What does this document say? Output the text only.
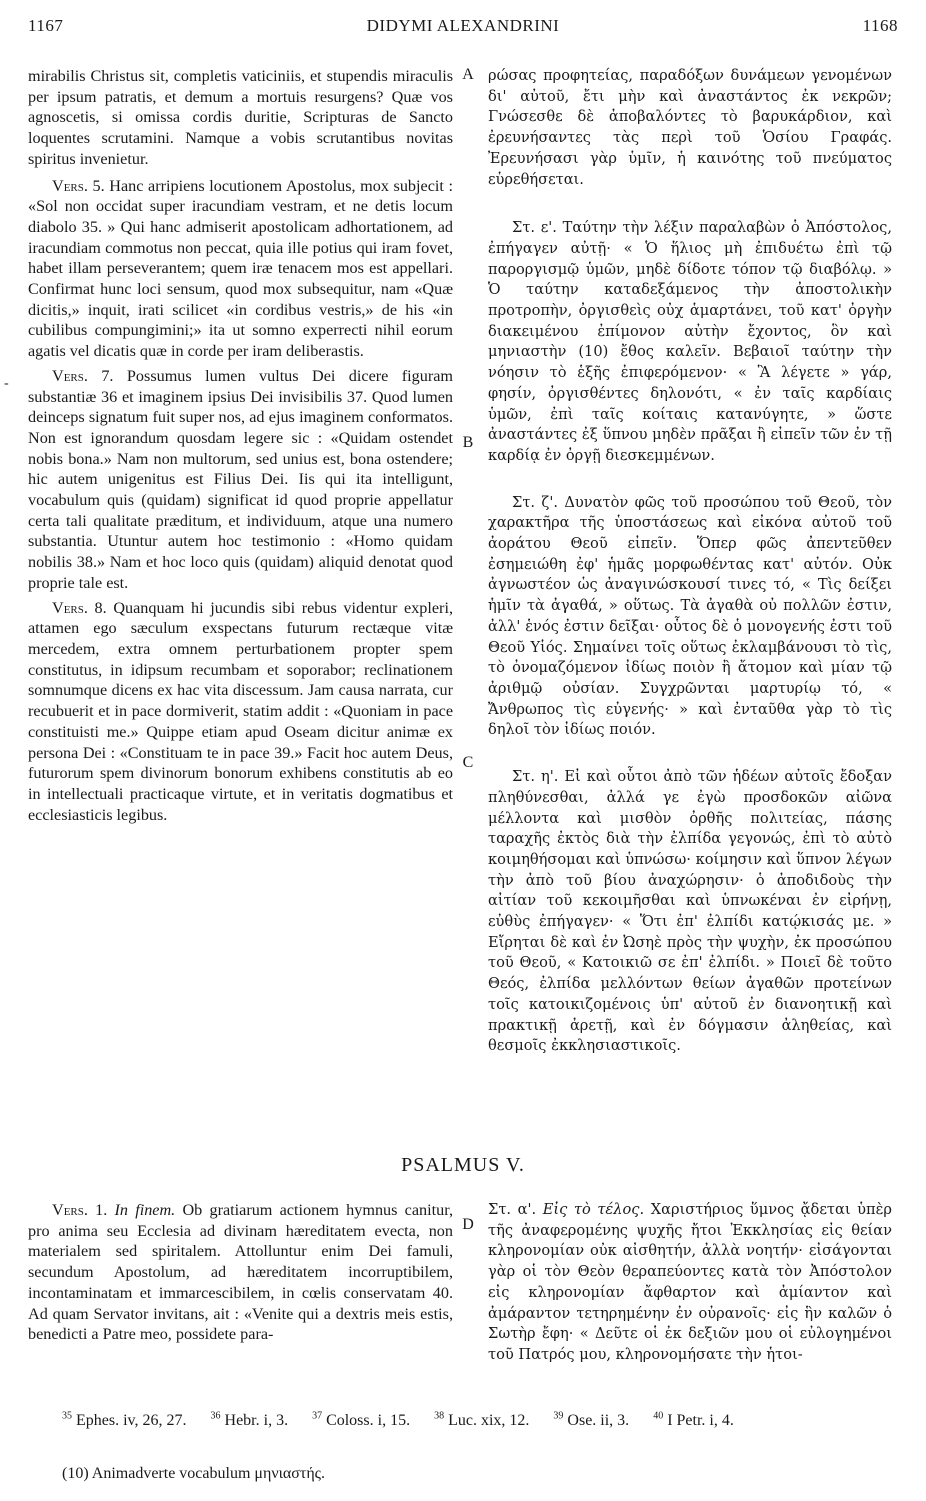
1167	DIDYMI ALEXANDRINI	1168
-

mirabilis Christus sit, completis vaticiniis, et stupendis miraculis per ipsum patratis, et demum a mortuis resurgens? Quæ vos agnoscetis, si omissa cordis duritie, Scripturas de Sancto loquentes scrutamini. Namque a vobis scrutantibus novitas spiritus invenietur.

Vers. 5. Hanc arripiens locutionem Apostolus, mox subjecit : «Sol non occidat super iracundiam vestram, et ne detis locum diabolo 35. » Qui hanc admiserit apostolicam adhortationem, ad iracundiam commotus non peccat, quia ille potius qui iram fovet, habet illam perseverantem; quem iræ tenacem mos est appellari. Confirmat hunc loci sensum, quod mox subsequitur, nam «Quæ dicitis,» inquit, irati scilicet «in cordibus vestris,» de his «in cubilibus compungimini;» ita ut somno experrecti nihil eorum agatis vel dicatis quæ in corde per iram deliberastis.

Vers. 7. Possumus lumen vultus Dei dicere figuram substantiæ 36 et imaginem ipsius Dei invisibilis 37. Quod lumen deinceps signatum fuit super nos, ad ejus imaginem conformatos. Non est ignorandum quosdam legere sic : «Quidam ostendet nobis bona.» Nam non multorum, sed unius est, bona ostendere; hic autem unigenitus est Filius Dei. Iis qui ita intelligunt, vocabulum quis (quidam) significat id quod proprie appellatur certa tali qualitate præditum, et individuum, atque una numero substantia. Utuntur autem hoc testimonio : «Homo quidam nobilis 38.» Nam et hoc loco quis (quidam) aliquid denotat quod proprie tale est.

Vers. 8. Quanquam hi jucundis sibi rebus videntur expleri, attamen ego sæculum exspectans futurum rectæque vitæ mercedem, extra omnem perturbationem propter spem constitutus, in idipsum recumbam et soporabor; reclinationem somnumque dicens ex hac vita discessum. Jam causa narrata, cur recubuerit et in pace dormiverit, statim addit : «Quoniam in pace constituisti me.» Quippe etiam apud Oseam dicitur animæ ex persona Dei : «Constituam te in pace 39.» Facit hoc autem Deus, futurorum spem divinorum bonorum exhibens constitutis ab eo in intellectuali practicaque virtute, et in veritatis dogmatibus et ecclesiasticis legibus.

ρώσας προφητείας, παραδόξων δυνάμεων γενομένων δι' αὐτοῦ, ἔτι μὴν καὶ ἀναστάντος ἐκ νεκρῶν; Γνώσεσθε δὲ ἀποβαλόντες τὸ βαρυκάρδιον, καὶ ἐρευνήσαντες τὰς περὶ τοῦ Ὁσίου Γραφάς. Ἐρευνήσασι γὰρ ὑμῖν, ἡ καινότης τοῦ πνεύματος εὑρεθήσεται.

Στ. ε'. Ταύτην τὴν λέξιν παραλαβὼν ὁ Ἀπόστολος, ἐπήγαγεν αὐτῇ· « Ὁ ἥλιος μὴ ἐπιδυέτω ἐπὶ τῷ παροργισμῷ ὑμῶν, μηδὲ δίδοτε τόπον τῷ διαβόλῳ. » Ὁ ταύτην καταδεξάμενος τὴν ἀποστολικὴν προτροπὴν, ὀργισθεὶς οὐχ ἁμαρτάνει, τοῦ κατ' ὀργὴν διακειμένου ἐπίμονον αὐτὴν ἔχοντος, ὃν καὶ μηνιαστὴν (10) ἔθος καλεῖν. Βεβαιοῖ ταύτην τὴν νόησιν τὸ ἑξῆς ἐπιφερόμενον· « Ἃ λέγετε » γάρ, φησίν, ὀργισθέντες δηλονότι, « ἐν ταῖς καρδίαις ὑμῶν, ἐπὶ ταῖς κοίταις κατανύγητε, » ὥστε ἀναστάντες ἐξ ὕπνου μηδὲν πρᾶξαι ἢ εἰπεῖν τῶν ἐν τῇ καρδίᾳ ἐν ὀργῇ διεσκεμμένων.

Στ. ζ'. Δυνατὸν φῶς τοῦ προσώπου τοῦ Θεοῦ, τὸν χαρακτῆρα τῆς ὑποστάσεως καὶ εἰκόνα αὐτοῦ τοῦ ἀοράτου Θεοῦ εἰπεῖν. Ὅπερ φῶς ἀπεντεῦθεν ἐσημειώθη ἐφ' ἡμᾶς μορφωθέντας κατ' αὐτόν. Οὐκ ἀγνωστέον ὡς ἀναγινώσκουσί τινες τό, « Τὶς δείξει ἡμῖν τὰ ἀγαθά, » οὕτως. Τὰ ἀγαθὰ οὐ πολλῶν ἐστιν, ἀλλ' ἑνός ἐστιν δεῖξαι· οὗτος δὲ ὁ μονογενής ἐστι τοῦ Θεοῦ Υἱός. Σημαίνει τοῖς οὕτως ἐκλαμβάνουσι τὸ τὶς, τὸ ὀνομαζόμενον ἰδίως ποιὸν ἢ ἄτομον καὶ μίαν τῷ ἀριθμῷ οὐσίαν. Συγχρῶνται μαρτυρίῳ τό, « Ἄνθρωπος τὶς εὐγενής· » καὶ ἐνταῦθα γὰρ τὸ τὶς δηλοῖ τὸν ἰδίως ποιόν.

Στ. η'. Εἰ καὶ οὗτοι ἀπὸ τῶν ἡδέων αὐτοῖς ἔδοξαν πληθύνεσθαι, ἀλλά γε ἐγὼ προσδοκῶν αἰῶνα μέλλοντα καὶ μισθὸν ὀρθῆς πολιτείας, πάσης ταραχῆς ἐκτὸς διὰ τὴν ἐλπίδα γεγονώς, ἐπὶ τὸ αὐτὸ κοιμηθήσομαι καὶ ὑπνώσω· κοίμησιν καὶ ὕπνον λέγων τὴν ἀπὸ τοῦ βίου ἀναχώρησιν· ὁ ἀποδιδοὺς τὴν αἰτίαν τοῦ κεκοιμῆσθαι καὶ ὑπνωκέναι ἐν εἰρήνῃ, εὐθὺς ἐπήγαγεν· « Ὅτι ἐπ' ἐλπίδι κατῴκισάς με. » Εἴρηται δὲ καὶ ἐν Ὠσηὲ πρὸς τὴν ψυχὴν, ἐκ προσώπου τοῦ Θεοῦ, « Κατοικιῶ σε ἐπ' ἐλπίδι. » Ποιεῖ δὲ τοῦτο Θεός, ἐλπίδα μελλόντων θείων ἀγαθῶν προτείνων τοῖς κατοικιζομένοις ὑπ' αὐτοῦ ἐν διανοητικῇ καὶ πρακτικῇ ἀρετῇ, καὶ ἐν δόγμασιν ἀληθείας, καὶ θεσμοῖς ἐκκλησιαστικοῖς.

A
B
C
D
PSALMUS V.

Vers. 1. In finem. Ob gratiarum actionem hymnus canitur, pro anima seu Ecclesia ad divinam hæreditatem evecta, non materialem sed spiritalem. Attolluntur enim Dei famuli, secundum Apostolum, ad hæreditatem incorruptibilem, incontaminatam et immarcescibilem, in cœlis conservatam 40. Ad quam Servator invitans, ait : «Venite qui a dextris meis estis, benedicti a Patre meo, possidete para-

Στ. α'. Εἰς τὸ τέλος. Χαριστήριος ὕμνος ᾄδεται ὑπὲρ τῆς ἀναφερομένης ψυχῆς ἤτοι Ἐκκλησίας εἰς θείαν κληρονομίαν οὐκ αἰσθητήν, ἀλλὰ νοητήν· εἰσάγονται γὰρ οἱ τὸν Θεὸν θεραπεύοντες κατὰ τὸν Ἀπόστολον εἰς κληρονομίαν ἄφθαρτον καὶ ἀμίαντον καὶ ἀμάραντον τετηρημένην ἐν οὐρανοῖς· εἰς ἣν καλῶν ὁ Σωτὴρ ἔφη· « Δεῦτε οἱ ἐκ δεξιῶν μου οἱ εὐλογημένοι τοῦ Πατρός μου, κληρονομήσατε τὴν ἡτοι-

$^{35}$ Ephes. iv, 26, 27. $^{36}$ Hebr. i, 3. $^{37}$ Coloss. i, 15. $^{38}$ Luc. xix, 12. $^{39}$ Ose. ii, 3. $^{40}$ I Petr. i, 4.
(10) Animadverte vocabulum μηνιαστής.
